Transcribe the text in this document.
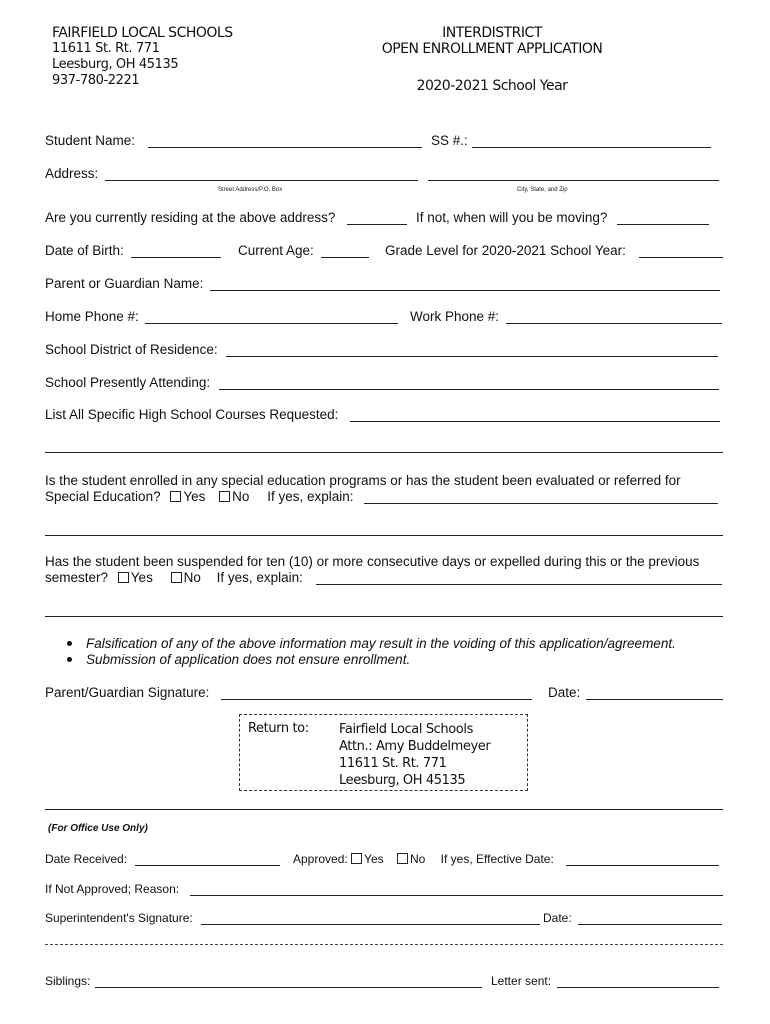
FAIRFIELD LOCAL SCHOOLS
11611 St. Rt. 771
Leesburg, OH 45135
937-780-2221
INTERDISTRICT
OPEN ENROLLMENT APPLICATION
2020-2021 School Year
Student Name:	SS #.:
Address:
Street Address/P.O. Box	City, State, and Zip
Are you currently residing at the above address?	If not, when will you be moving?
Date of Birth:	Current Age:	Grade Level for 2020-2021 School Year:
Parent or Guardian Name:
Home Phone #:	Work Phone #:
School District of Residence:
School Presently Attending:
List All Specific High School Courses Requested:
Is the student enrolled in any special education programs or has the student been evaluated or referred for
Special Education? Yes No If yes, explain:
Has the student been suspended for ten (10) or more consecutive days or expelled during this or the previous
semester? Yes No If yes, explain:
Falsification of any of the above information may result in the voiding of this application/agreement.
Submission of application does not ensure enrollment.
Parent/Guardian Signature:	Date:
Return to: Fairfield Local Schools
Attn.: Amy Buddelmeyer
11611 St. Rt. 771
Leesburg, OH 45135
(For Office Use Only)
Date Received:	Approved: Yes No If yes, Effective Date:
If Not Approved; Reason:
Superintendent's Signature:	Date:
Siblings:	Letter sent:
